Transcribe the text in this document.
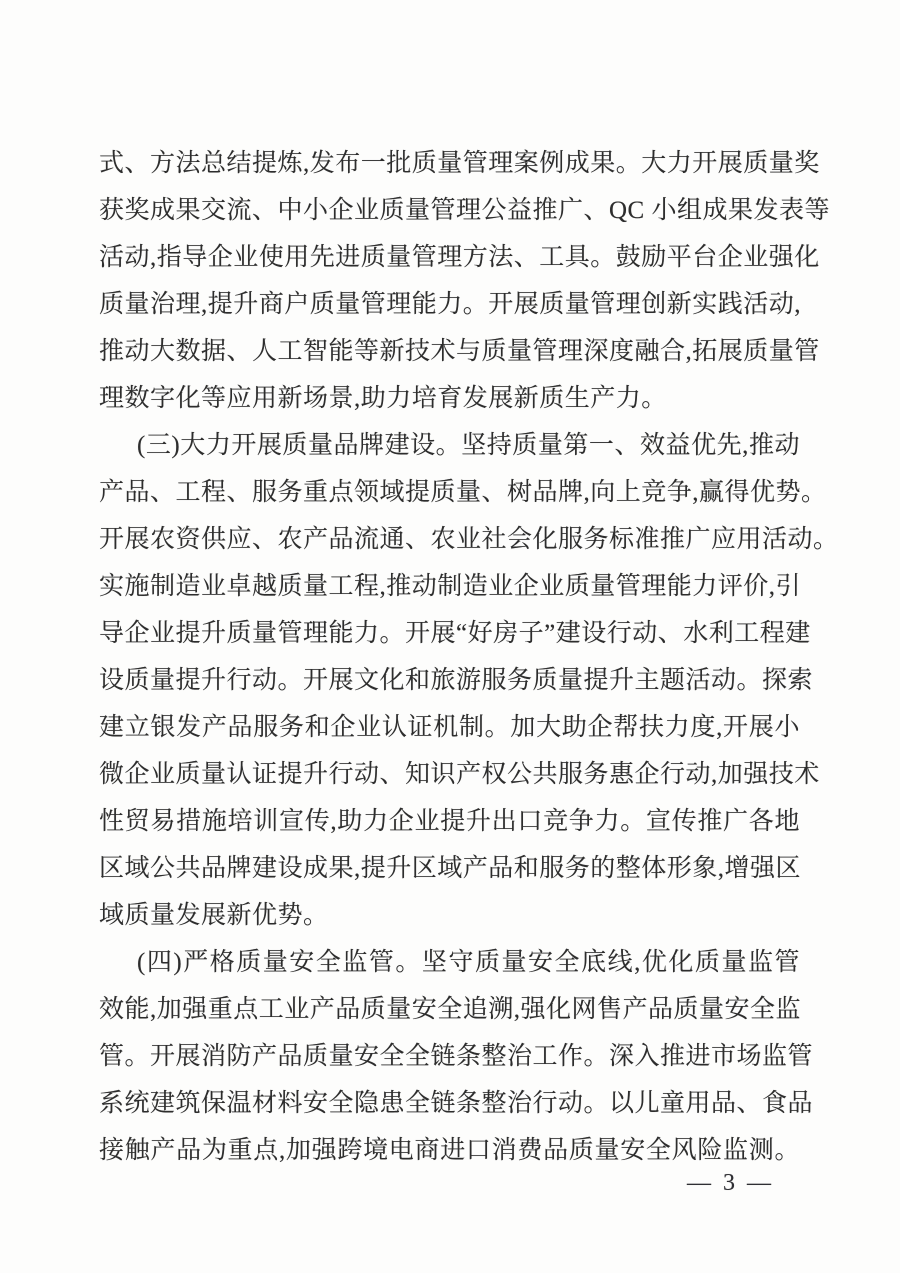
式、方法总结提炼,发布一批质量管理案例成果。大力开展质量奖
获奖成果交流、中小企业质量管理公益推广、QC 小组成果发表等
活动,指导企业使用先进质量管理方法、工具。鼓励平台企业强化
质量治理,提升商户质量管理能力。开展质量管理创新实践活动,
推动大数据、人工智能等新技术与质量管理深度融合,拓展质量管
理数字化等应用新场景,助力培育发展新质生产力。

(三)大力开展质量品牌建设。坚持质量第一、效益优先,推动
产品、工程、服务重点领域提质量、树品牌,向上竞争,赢得优势。
开展农资供应、农产品流通、农业社会化服务标准推广应用活动。
实施制造业卓越质量工程,推动制造业企业质量管理能力评价,引
导企业提升质量管理能力。开展“好房子”建设行动、水利工程建
设质量提升行动。开展文化和旅游服务质量提升主题活动。探索
建立银发产品服务和企业认证机制。加大助企帮扶力度,开展小
微企业质量认证提升行动、知识产权公共服务惠企行动,加强技术
性贸易措施培训宣传,助力企业提升出口竞争力。宣传推广各地
区域公共品牌建设成果,提升区域产品和服务的整体形象,增强区
域质量发展新优势。

(四)严格质量安全监管。坚守质量安全底线,优化质量监管
效能,加强重点工业产品质量安全追溯,强化网售产品质量安全监
管。开展消防产品质量安全全链条整治工作。深入推进市场监管
系统建筑保温材料安全隐患全链条整治行动。以儿童用品、食品
接触产品为重点,加强跨境电商进口消费品质量安全风险监测。

— 3 —
